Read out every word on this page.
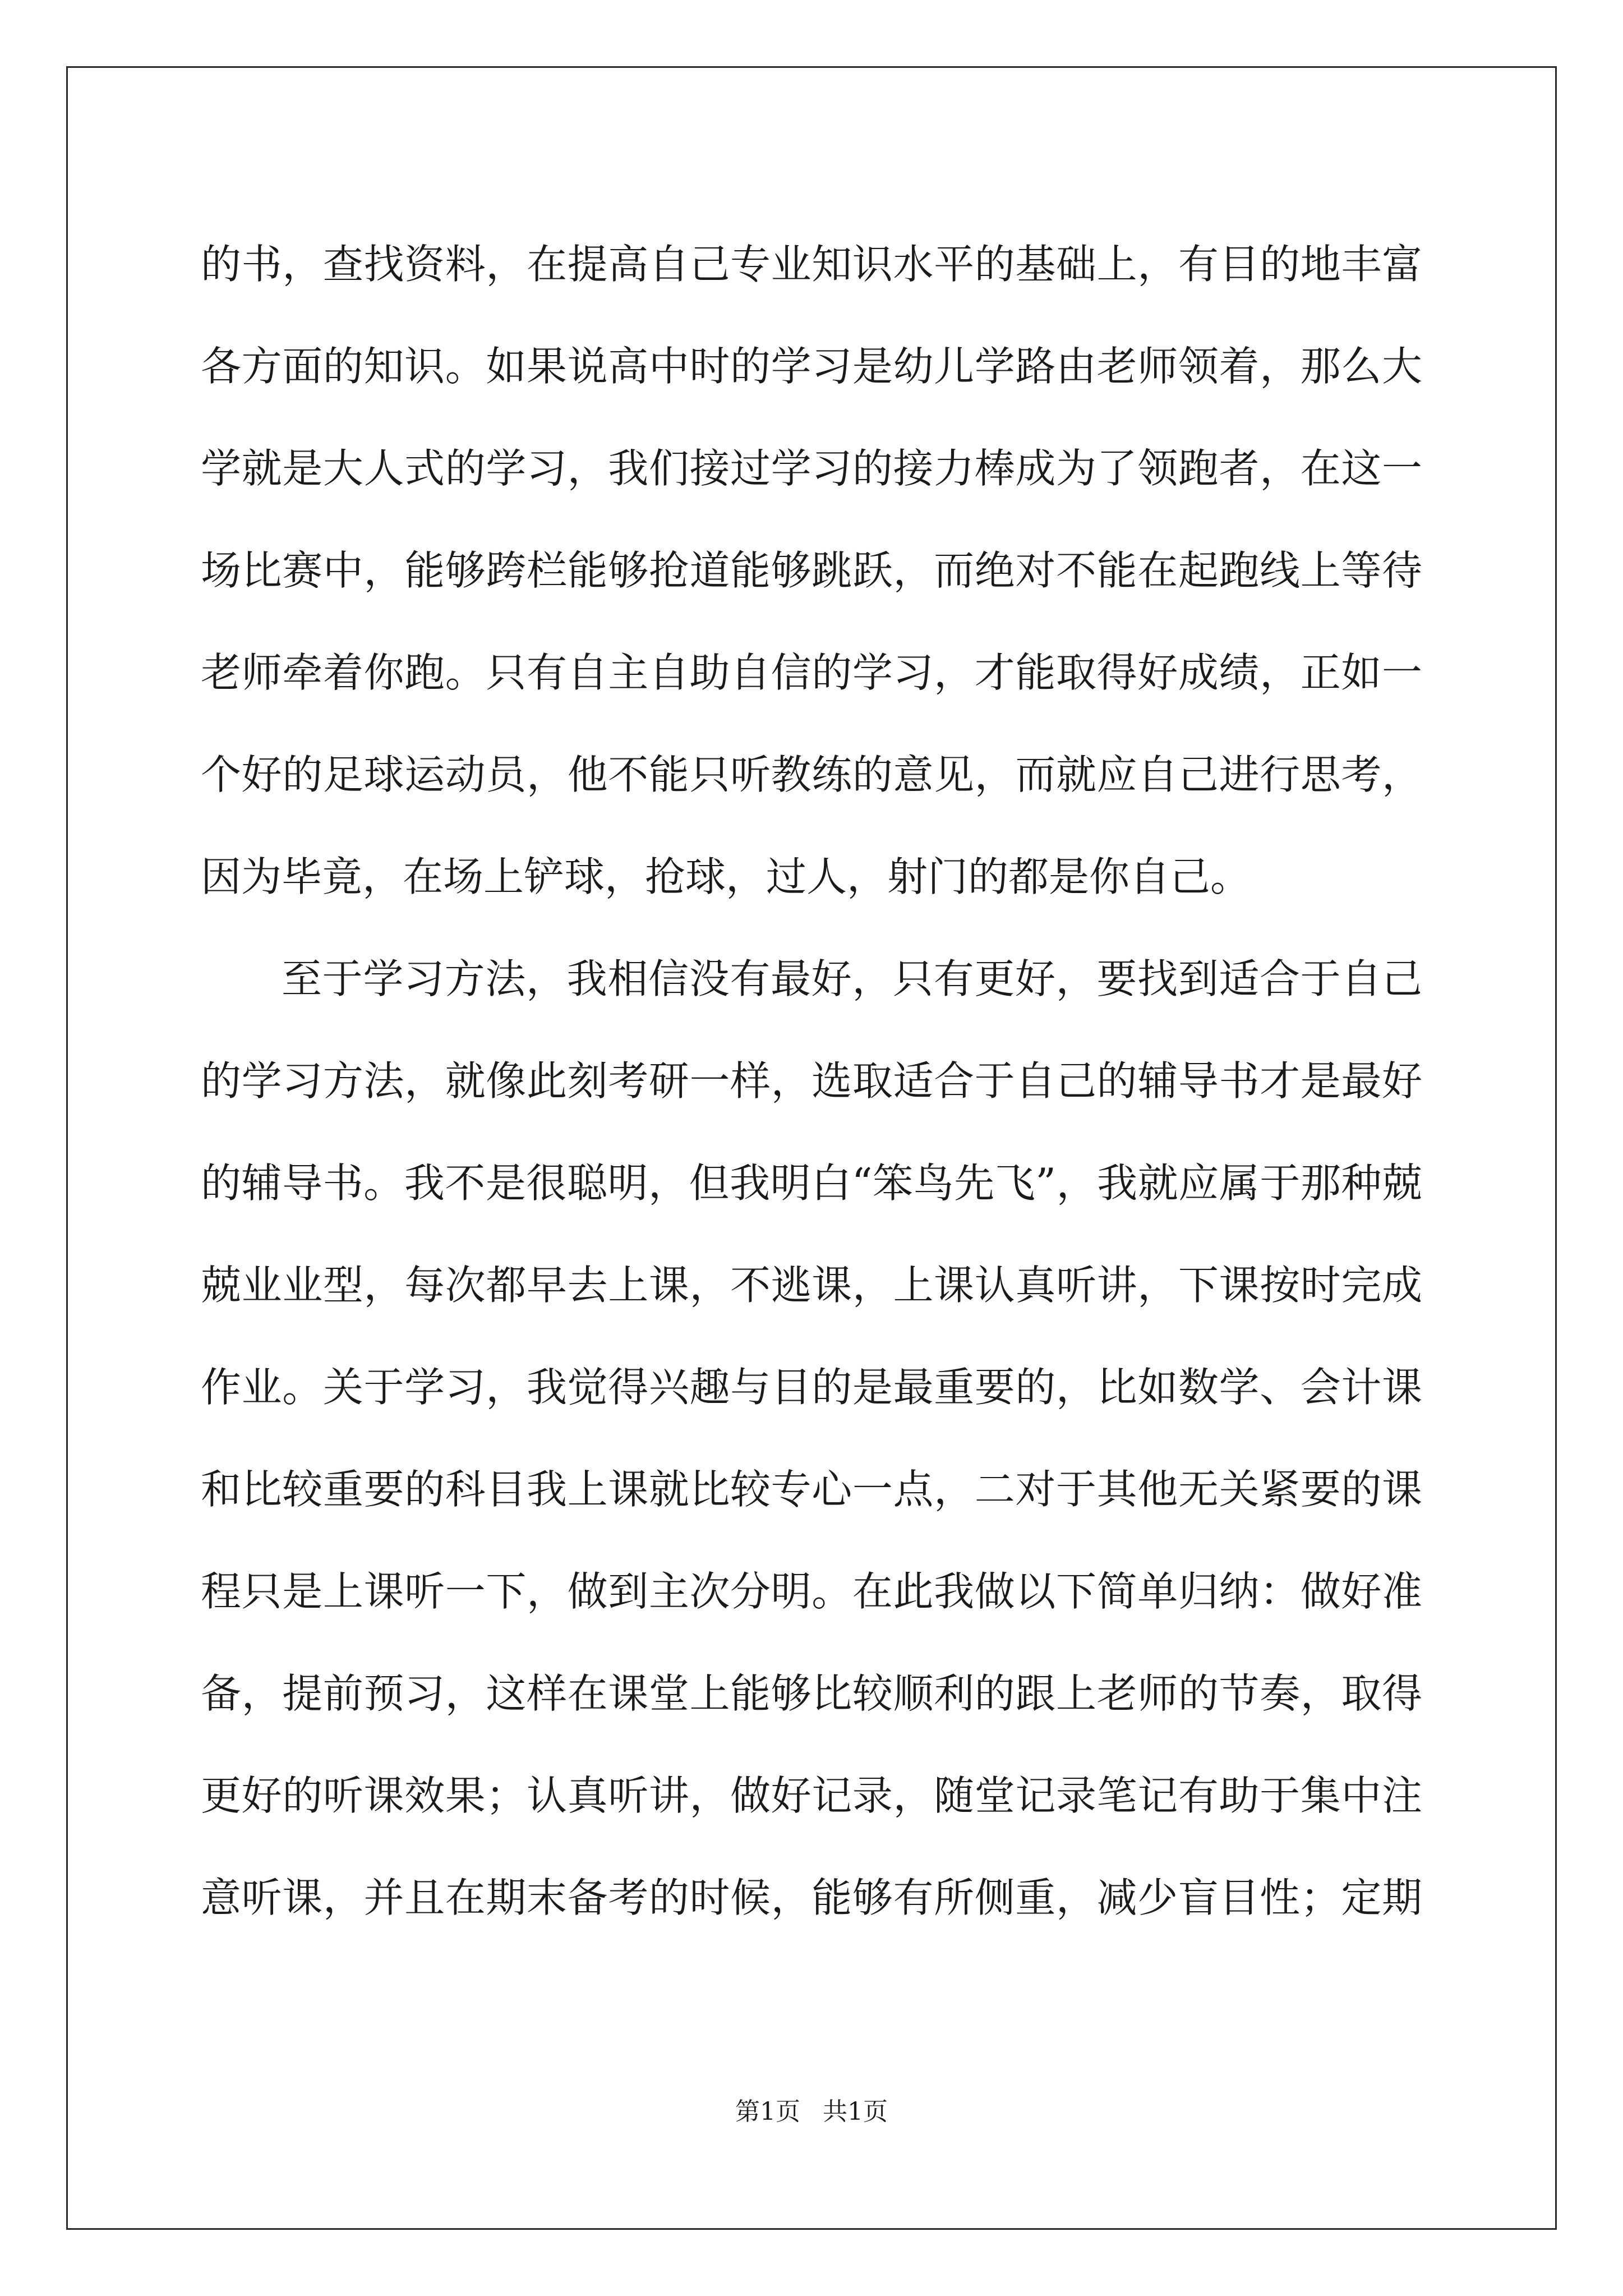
的书，查找资料，在提高自己专业知识水平的基础上，有目的地丰富
各方面的知识。如果说高中时的学习是幼儿学路由老师领着，那么大
学就是大人式的学习，我们接过学习的接力棒成为了领跑者，在这一
场比赛中，能够跨栏能够抢道能够跳跃，而绝对不能在起跑线上等待
老师牵着你跑。只有自主自助自信的学习，才能取得好成绩，正如一
个好的足球运动员，他不能只听教练的意见，而就应自己进行思考，
因为毕竟，在场上铲球，抢球，过人，射门的都是你自己。
至于学习方法，我相信没有最好，只有更好，要找到适合于自己
的学习方法，就像此刻考研一样，选取适合于自己的辅导书才是最好
的辅导书。我不是很聪明，但我明白“笨鸟先飞”，我就应属于那种兢
兢业业型，每次都早去上课，不逃课，上课认真听讲，下课按时完成
作业。关于学习，我觉得兴趣与目的是最重要的，比如数学、会计课
和比较重要的科目我上课就比较专心一点，二对于其他无关紧要的课
程只是上课听一下，做到主次分明。在此我做以下简单归纳：做好准
备，提前预习，这样在课堂上能够比较顺利的跟上老师的节奏，取得
更好的听课效果；认真听讲，做好记录，随堂记录笔记有助于集中注
意听课，并且在期末备考的时候，能够有所侧重，减少盲目性；定期
第1页 共1页
